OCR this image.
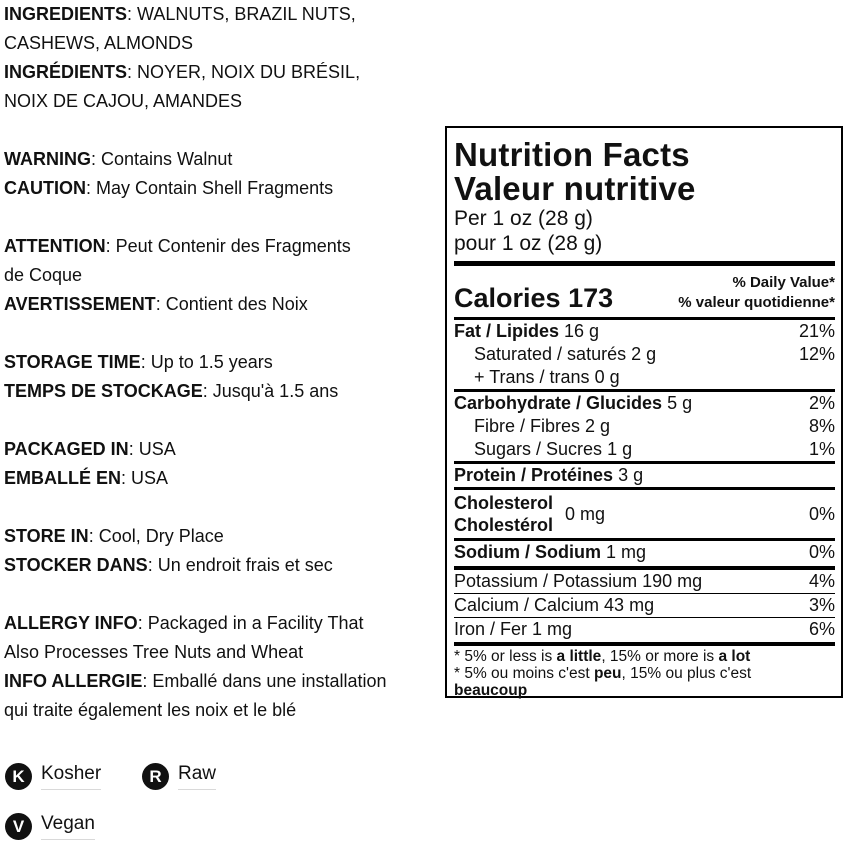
INGREDIENTS: WALNUTS, BRAZIL NUTS,
CASHEWS, ALMONDS
INGRÉDIENTS: NOYER, NOIX DU BRÉSIL,
NOIX DE CAJOU, AMANDES
WARNING: Contains Walnut
CAUTION: May Contain Shell Fragments
ATTENTION: Peut Contenir des Fragments
de Coque
AVERTISSEMENT: Contient des Noix
STORAGE TIME: Up to 1.5 years
TEMPS DE STOCKAGE: Jusqu'à 1.5 ans
PACKAGED IN: USA
EMBALLÉ EN: USA
STORE IN: Cool, Dry Place
STOCKER DANS: Un endroit frais et sec
ALLERGY INFO: Packaged in a Facility That
Also Processes Tree Nuts and Wheat
INFO ALLERGIE: Emballé dans une installation
qui traite également les noix et le blé
K Kosher	R Raw
V Vegan
Nutrition Facts
Valeur nutritive
Per 1 oz (28 g)
pour 1 oz (28 g)
Calories 173
% Daily Value*
% valeur quotidienne*
Fat / Lipides 16 g	21%
Saturated / saturés 2 g	12%
+ Trans / trans 0 g
Carbohydrate / Glucides 5 g	2%
Fibre / Fibres 2 g	8%
Sugars / Sucres 1 g	1%
Protein / Protéines 3 g
Cholesterol
Cholestérol
0 mg	0%
Sodium / Sodium 1 mg	0%
Potassium / Potassium 190 mg	4%
Calcium / Calcium 43 mg	3%
Iron / Fer 1 mg	6%
* 5% or less is a little, 15% or more is a lot
* 5% ou moins c'est peu, 15% ou plus c'est
beaucoup
